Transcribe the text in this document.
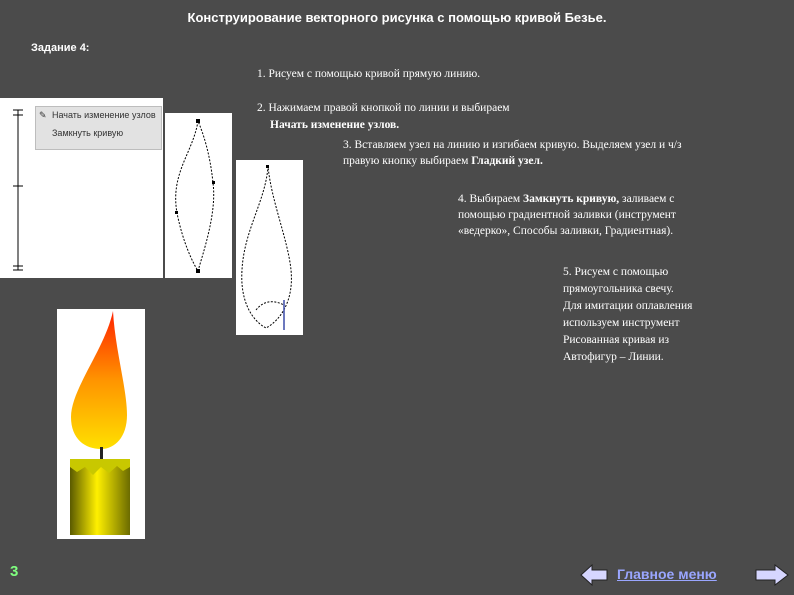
Конструирование векторного рисунка с помощью кривой Безье.
Задание 4:
1. Рисуем с помощью кривой прямую линию.
2. Нажимаем правой кнопкой по линии и выбираем
Начать изменение узлов.
3. Вставляем узел на линию и изгибаем кривую. Выделяем узел и ч/з
правую кнопку выбираем Гладкий узел.
4. Выбираем Замкнуть кривую, заливаем с
помощью градиентной заливки (инструмент
«ведерко», Способы заливки, Градиентная).
5. Рисуем с помощью
прямоугольника свечу.
Для имитации оплавления
используем инструмент
Рисованная кривая из
Автофигур – Линии.
✎ Начать изменение узлов
Замкнуть кривую
3	Главное меню
